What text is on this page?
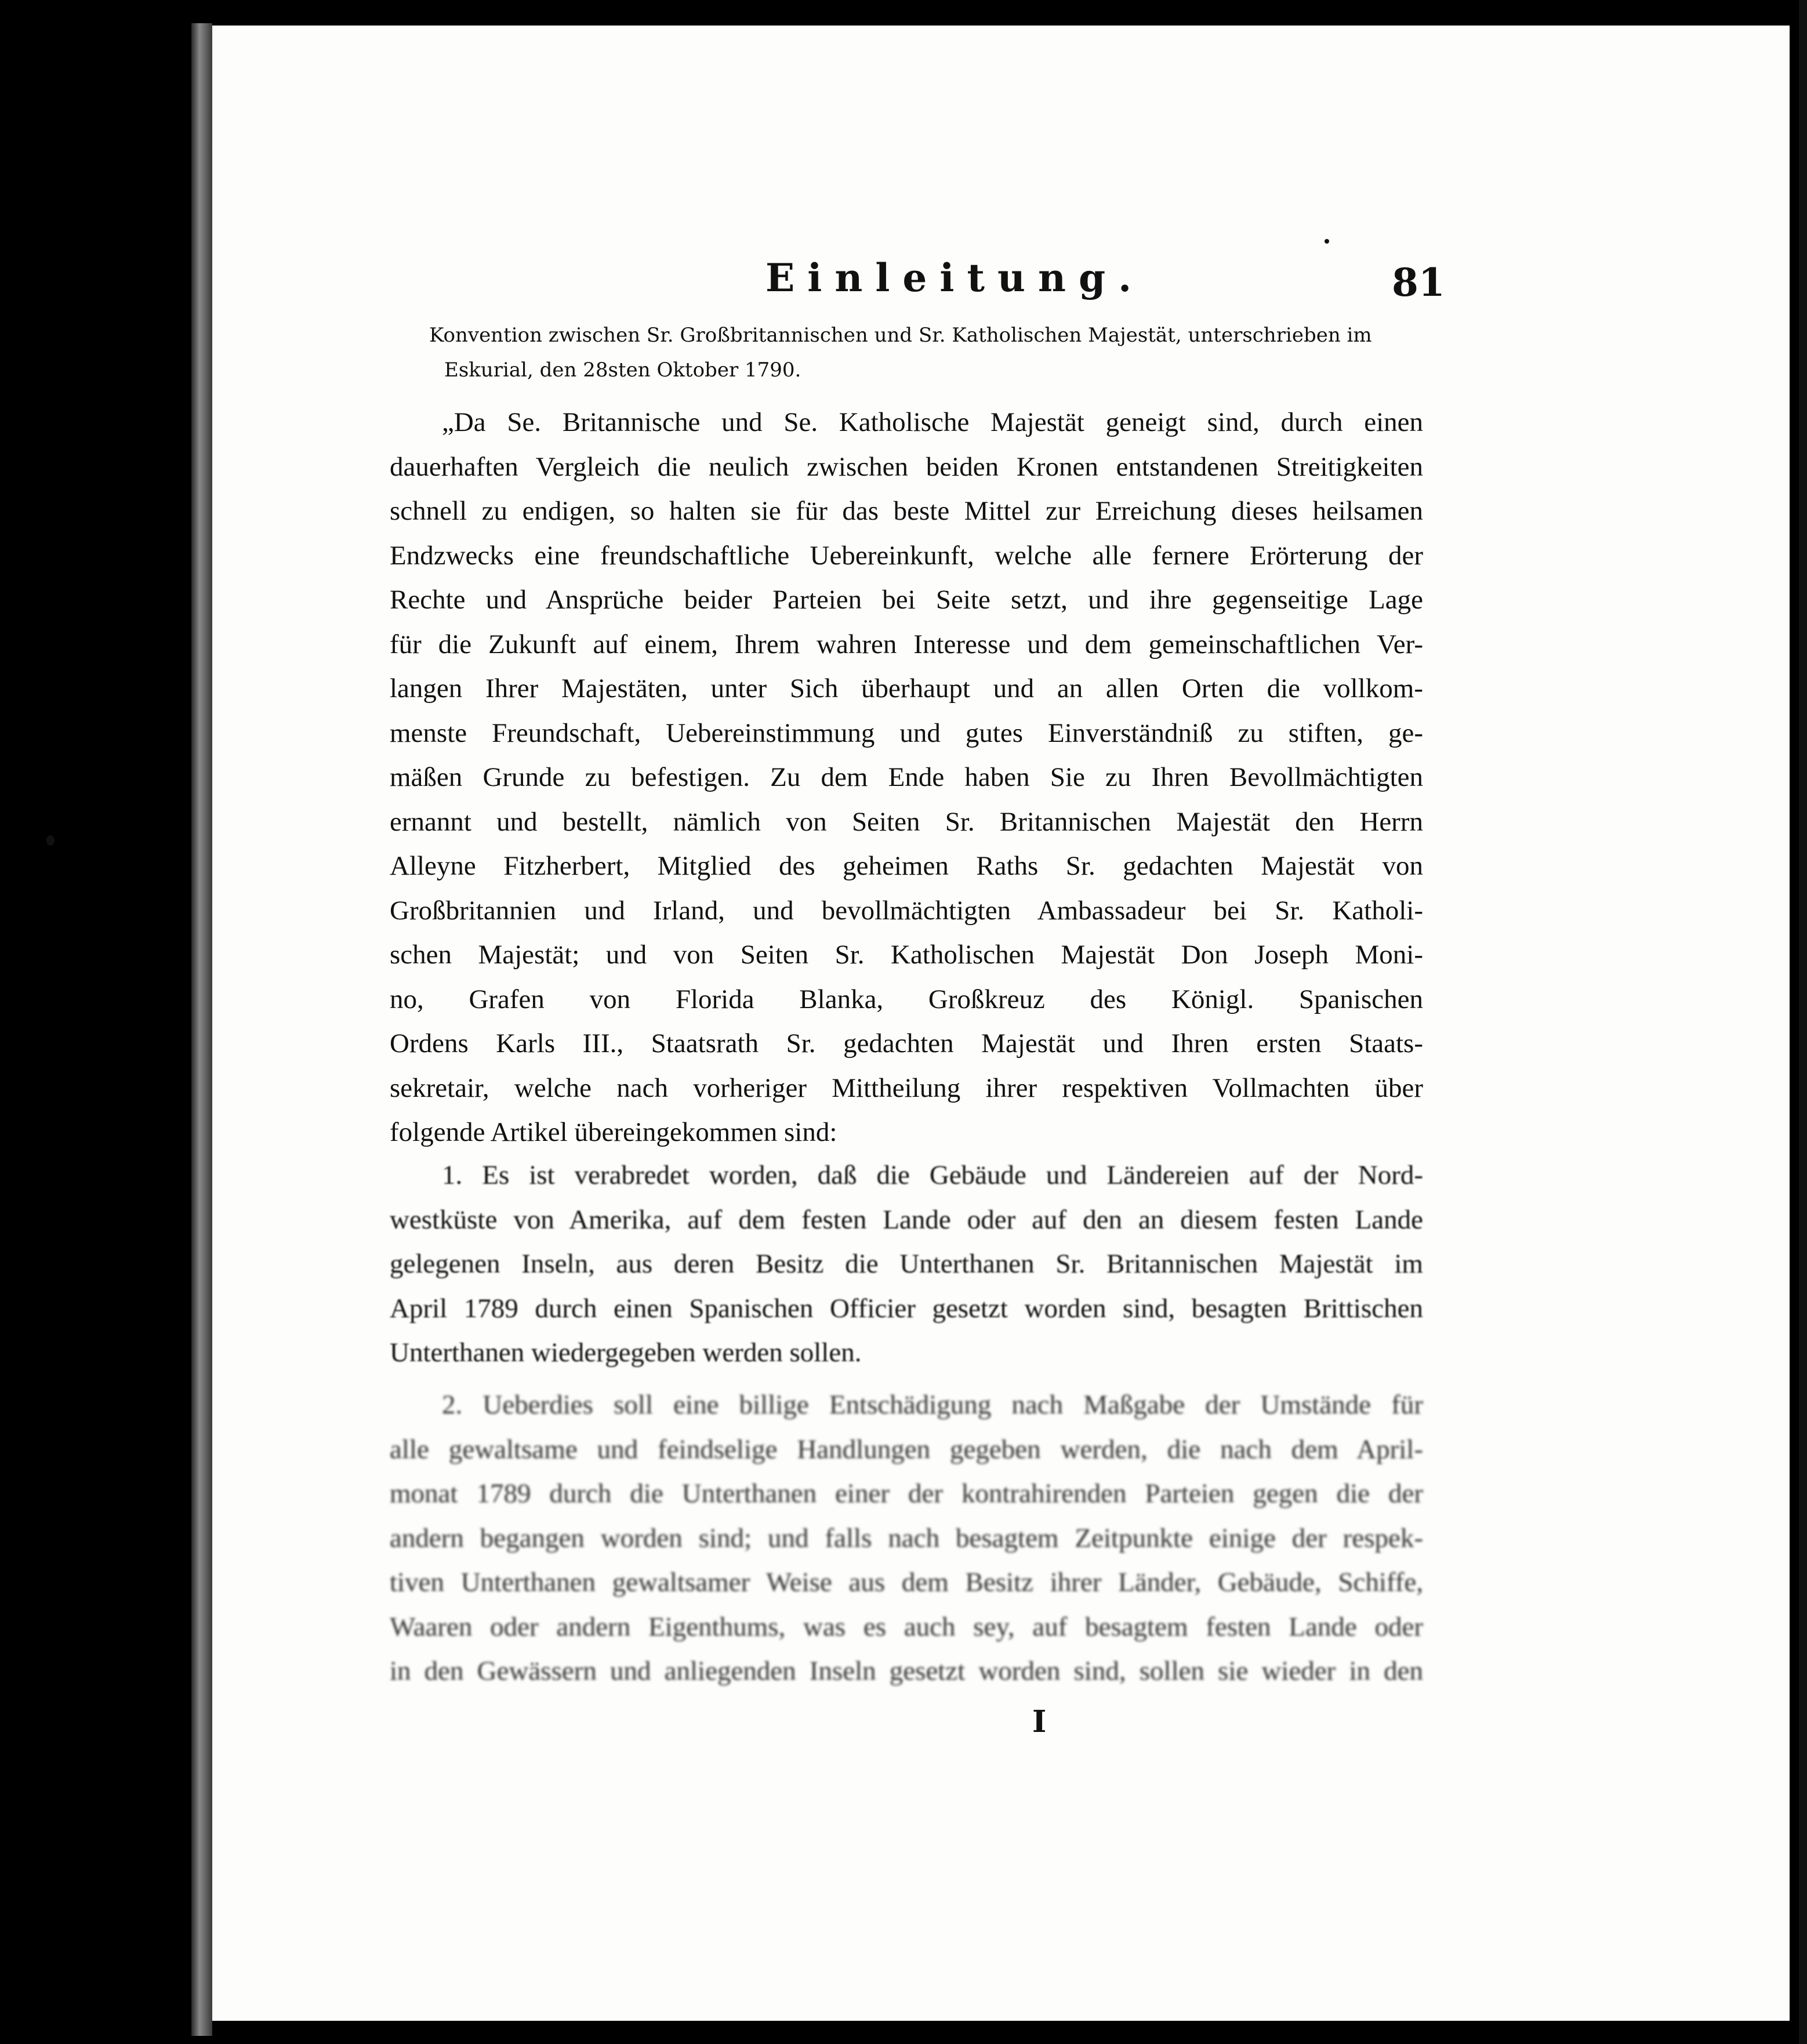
Einleitung.	81
Konvention zwischen Sr. Großbritannischen und Sr. Katholischen Majestät, unterschrieben im
Eskurial, den 28sten Oktober 1790.
„Da Se. Britannische und Se. Katholische Majestät geneigt sind, durch einen
dauerhaften Vergleich die neulich zwischen beiden Kronen entstandenen Streitigkeiten
schnell zu endigen, so halten sie für das beste Mittel zur Erreichung dieses heilsamen
Endzwecks eine freundschaftliche Uebereinkunft, welche alle fernere Erörterung der
Rechte und Ansprüche beider Parteien bei Seite setzt, und ihre gegenseitige Lage
für die Zukunft auf einem, Ihrem wahren Interesse und dem gemeinschaftlichen Ver-
langen Ihrer Majestäten, unter Sich überhaupt und an allen Orten die vollkom-
menste Freundschaft, Uebereinstimmung und gutes Einverständniß zu stiften, ge-
mäßen Grunde zu befestigen. Zu dem Ende haben Sie zu Ihren Bevollmächtigten
ernannt und bestellt, nämlich von Seiten Sr. Britannischen Majestät den Herrn
Alleyne Fitzherbert, Mitglied des geheimen Raths Sr. gedachten Majestät von
Großbritannien und Irland, und bevollmächtigten Ambassadeur bei Sr. Katholi-
schen Majestät; und von Seiten Sr. Katholischen Majestät Don Joseph Moni-
no, Grafen von Florida Blanka, Großkreuz des Königl. Spanischen
Ordens Karls III., Staatsrath Sr. gedachten Majestät und Ihren ersten Staats-
sekretair, welche nach vorheriger Mittheilung ihrer respektiven Vollmachten über
folgende Artikel übereingekommen sind:
1. Es ist verabredet worden, daß die Gebäude und Ländereien auf der Nord-
westküste von Amerika, auf dem festen Lande oder auf den an diesem festen Lande
gelegenen Inseln, aus deren Besitz die Unterthanen Sr. Britannischen Majestät im
April 1789 durch einen Spanischen Officier gesetzt worden sind, besagten Brittischen
Unterthanen wiedergegeben werden sollen.
2. Ueberdies soll eine billige Entschädigung nach Maßgabe der Umstände für
alle gewaltsame und feindselige Handlungen gegeben werden, die nach dem April-
monat 1789 durch die Unterthanen einer der kontrahirenden Parteien gegen die der
andern begangen worden sind; und falls nach besagtem Zeitpunkte einige der respek-
tiven Unterthanen gewaltsamer Weise aus dem Besitz ihrer Länder, Gebäude, Schiffe,
Waaren oder andern Eigenthums, was es auch sey, auf besagtem festen Lande oder
in den Gewässern und anliegenden Inseln gesetzt worden sind, sollen sie wieder in den
I
